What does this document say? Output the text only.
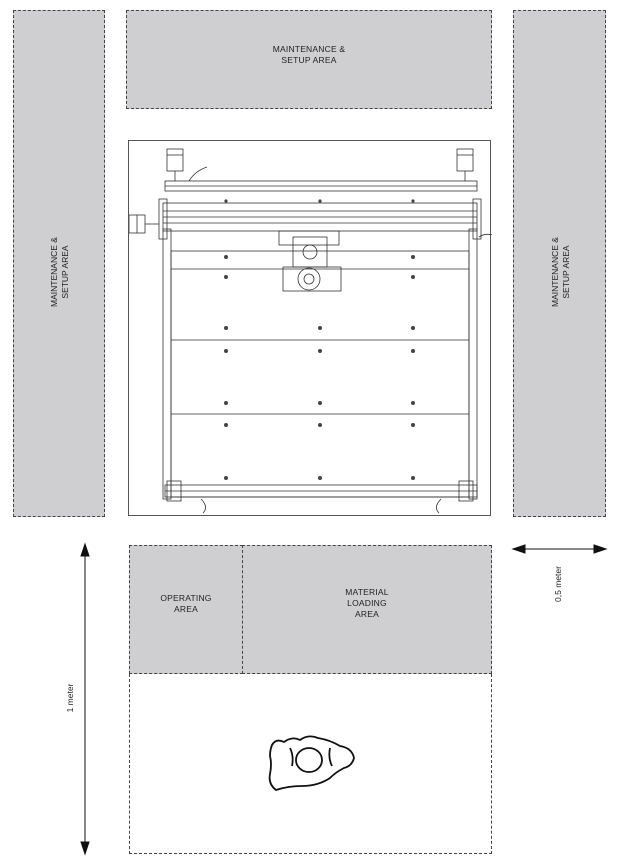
MAINTENANCE &
SETUP AREA
MAINTENANCE & SETUP AREA	MAINTENANCE & SETUP AREA
OPERATING
AREA
MATERIAL
LOADING
AREA
1 meter
0,5 meter
